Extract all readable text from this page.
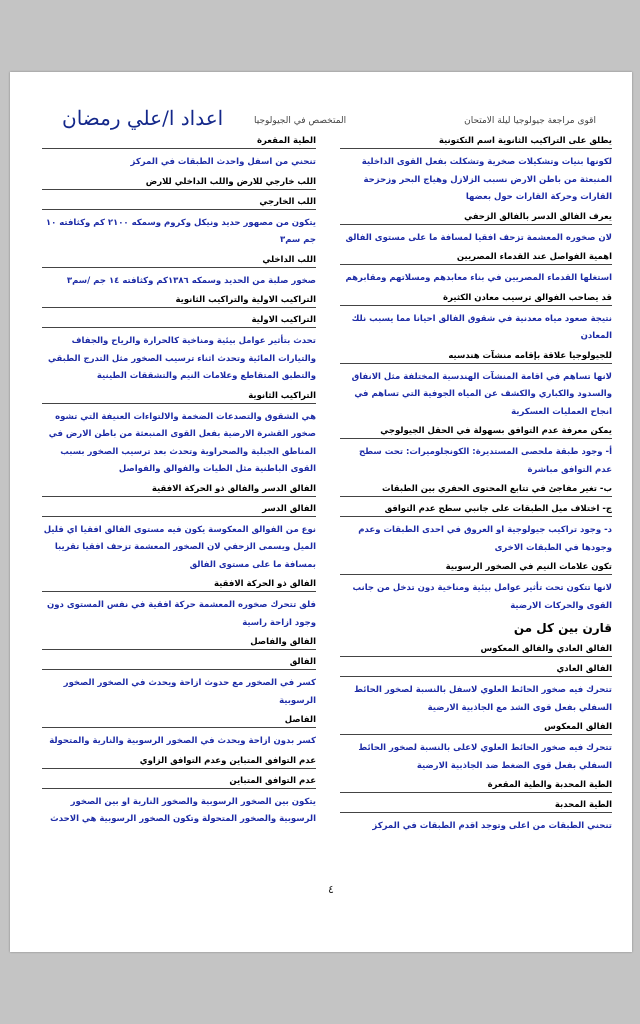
اعداد ا/علي رمضان	المتخصص في الجيولوجيا	اقوى مراجعة جيولوجيا ليلة الامتحان
يطلق على التراكيب الثانوية اسم التكتونية
لكونها بنيات وتشكيلات صخرية وتشكلت بفعل القوى الداخلية المنبعثة من باطن الارض نسبب الزلازل وهياج البحر وزحزحة القارات وحركة القارات حول بعضها
يعرف الفالق الدسر بالفالق الزحفي
لان صخوره المعشمة تزحف افقيا لمسافة ما على مستوى الفالق
اهمية الفواصل عند القدماء المصريين
استغلها القدماء المصريين في بناء معابدهم ومسلاتهم ومقابرهم
قد يصاحب الفوالق ترسيب معادن الكثيرة
نتيجة صعود مياه معدنية في شقوق الفالق احيانا مما يسبب نلك المعادن
للجيولوجيا علاقة بإقامه منشآت هندسيه
لانها تساهم في اقامة المنشآت الهندسية المختلفة مثل الانفاق والسدود والكباري والكشف عن المياه الجوفية التي تساهم في انجاح العمليات العسكرية
يمكن معرفة عدم التوافق بسهولة في الحقل الجيولوجي
أ- وجود طبقة ملحصى المستديرة: الكونجلوميرات: تحت سطح عدم التوافق مباشرة
ب- تغير مفاجئ في تتابع المحتوى الحفري بين الطبقات
ج- اختلاف ميل الطبقات على جانبي سطح عدم التوافق
د- وجود تراكيب جيولوجية او العروق في احدى الطبقات وعدم وجودها في الطبقات الاخرى
تكون علامات النيم في الصخور الرسوبية
لانها تتكون تحت تأثير عوامل بيئية ومناخية دون تدخل من جانب القوى والحركات الارضية
قارن بين كل من
الفالق العادي والفالق المعكوس
الفالق العادي
تتحرك فيه صخور الحائط العلوي لاسفل بالنسبة لصخور الحائط السفلي بفعل قوى الشد مع الجاذبية الارضية
الفالق المعكوس
تتحرك فيه صخور الحائط العلوي لاعلى بالنسبة لصخور الحائط السفلي بفعل قوى الضغط ضد الجاذبية الارضية
الطية المحدبة والطية المقعرة
الطية المحدبة
تنحني الطبقات من اعلى وتوجد اقدم الطبقات في المركز
الطية المقعرة
تنحني من اسفل واحدث الطبقات في المركز
اللب خارجي للارض واللب الداخلي للارض
اللب الخارجي
يتكون من مصهور حديد ونيكل وكروم وسمكه ٢١٠٠ كم وكثافته ١٠ جم سم٣
اللب الداخلي
صخور صلبة من الحديد وسمكه ١٣٨٦كم وكثافته ١٤ جم /سم٣
التراكيب الاولية والتراكيب الثانوية
التراكيب الاولية
تحدث بتأثير عوامل بيئية ومناخية كالحرارة والرياح والجفاف والتيارات المائية وتحدث اثناء ترسيب الصخور مثل التدرج الطبقي والتطبق المتقاطع وعلامات النيم والتشققات الطينية
التراكيب الثانوية
هي الشقوق والتصدعات الضخمة والالتواءات العنيفة التي تشوه صخور القشرة الارضية بفعل القوى المنبعثة من باطن الارض في المناطق الجبلية والصحراوية وتحدث بعد ترسيب الصخور بسبب القوى الباطنية مثل الطيات والفوالق والفواصل
الفالق الدسر والفالق ذو الحركة الافقية
الفالق الدسر
نوع من الفوالق المعكوسة يكون فيه مستوى الفالق افقيا اي قليل الميل ويسمى الزحفي لان الصخور المعشمة تزحف افقيا تقريبا بمسافة ما على مستوى الفالق
الفالق ذو الحركة الافقية
فلق تتحرك صخوره المعشمة حركة افقية في نفس المستوى دون وجود ازاحة راسية
الفالق والفاصل
الفالق
كسر في الصخور مع حدوث ازاحة ويحدث في الصخور الصخور الرسوبية
الفاصل
كسر بدون ازاحة ويحدث في الصخور الرسوبية والنارية والمتحولة
عدم التوافق المتباين وعدم التوافق الزاوي
عدم التوافق المتباين
يتكون بين الصخور الرسوبية والصخور النارية او بين الصخور الرسوبية والصخور المتحولة وتكون الصخور الرسوبية هي الاحدث
٤
